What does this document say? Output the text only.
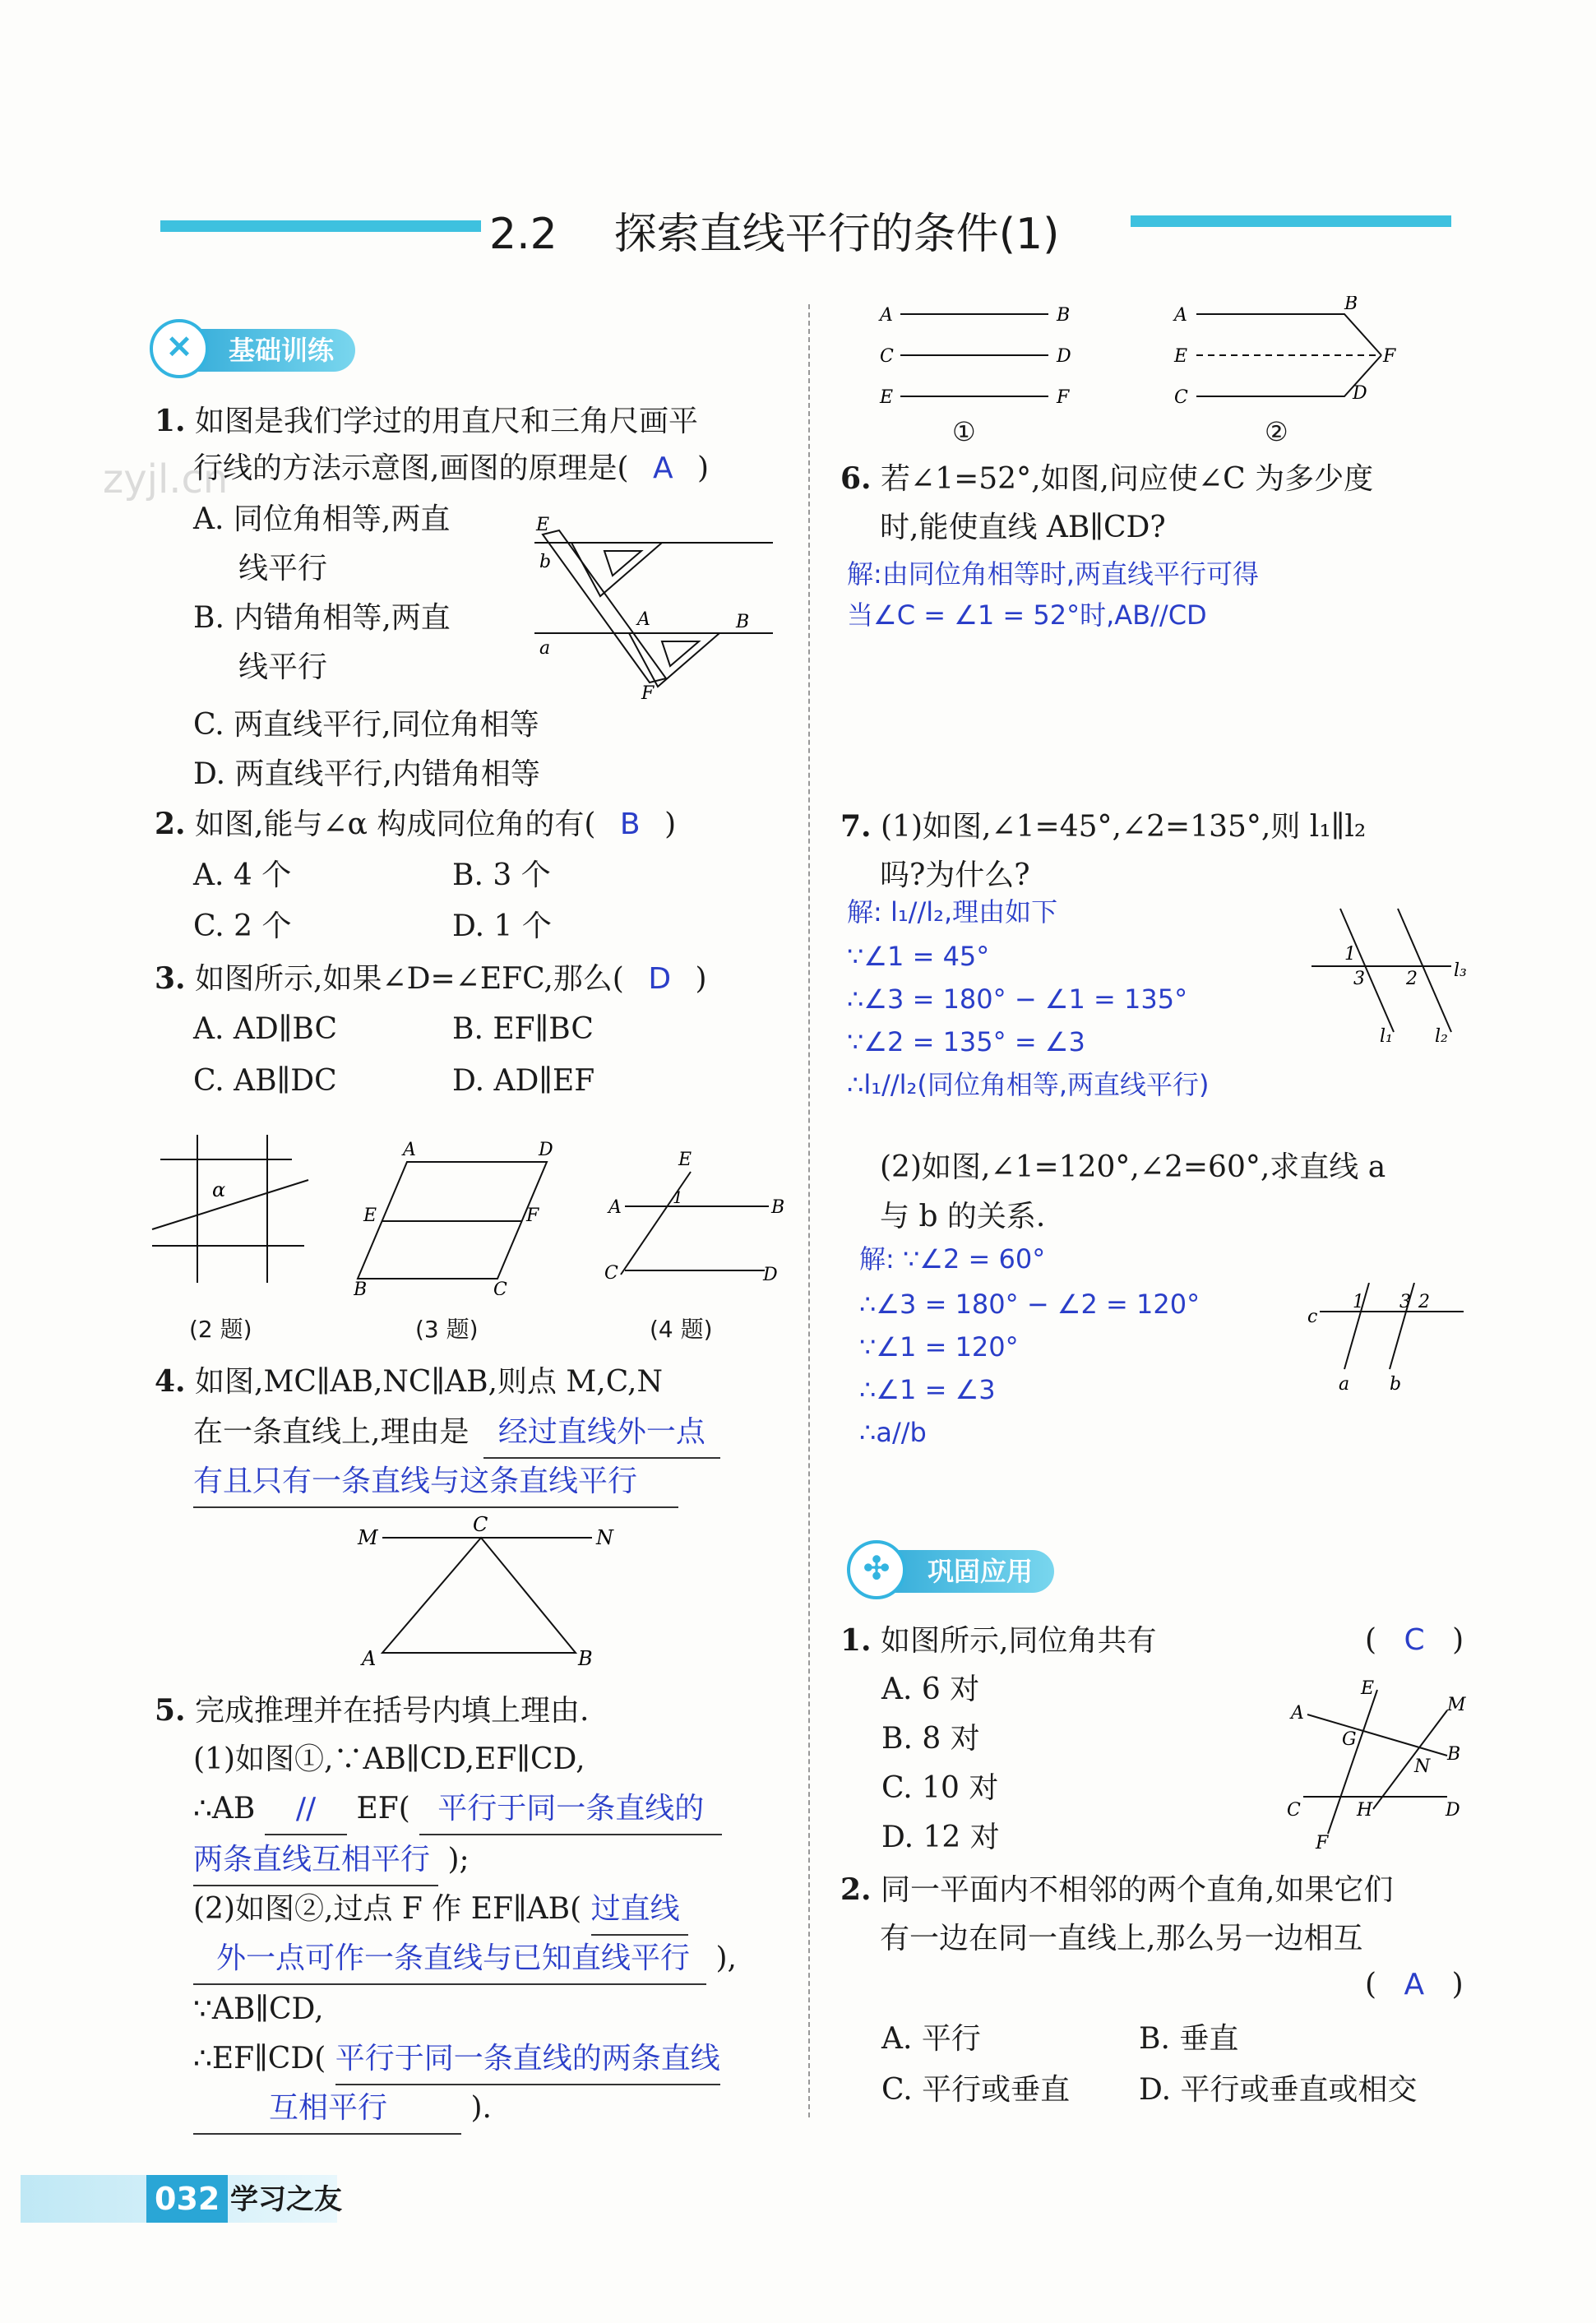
2.2 探索直线平行的条件(1)
zyjl.cn
基础训练
✕
1. 如图是我们学过的用直尺和三角尺画平
行线的方法示意图,画图的原理是( A )
A. 同位角相等,两直
线平行
B. 内错角相等,两直
线平行
C. 两直线平行,同位角相等
D. 两直线平行,内错角相等
E
b
a
A	B
F
2. 如图,能与∠α 构成同位角的有( B )
A. 4 个	B. 3 个
C. 2 个	D. 1 个
3. 如图所示,如果∠D=∠EFC,那么( D )
A. AD∥BC	B. EF∥BC
C. AB∥DC	D. AD∥EF
α
A	D
E	F
B	C
E
1
A	B
C	D
(2 题)	(3 题)	(4 题)
4. 如图,MC∥AB,NC∥AB,则点 M,C,N
在一条直线上,理由是 经过直线外一点
有且只有一条直线与这条直线平行
M
C
N
A	B
5. 完成推理并在括号内填上理由.
(1)如图①,∵AB∥CD,EF∥CD,
∴AB // EF( 平行于同一条直线的
两条直线互相平行 );
(2)如图②,过点 F 作 EF∥AB( 过直线
外一点可作一条直线与已知直线平行 ),
∵AB∥CD,
∴EF∥CD( 平行于同一条直线的两条直线
互相平行	).
A	B
C	D
E	F
①
A
B
E	F
C	D
②
6. 若∠1=52°,如图,问应使∠C 为多少度
时,能使直线 AB∥CD?
解:由同位角相等时,两直线平行可得
当∠C = ∠1 = 52°时,AB//CD
7. (1)如图,∠1=45°,∠2=135°,则 l₁∥l₂
吗?为什么?
解: l₁//l₂,理由如下
∵∠1 = 45°
∴∠3 = 180° − ∠1 = 135°
∵∠2 = 135° = ∠3
∴l₁//l₂(同位角相等,两直线平行)
1
3 2 l₃
l₁ l₂
(2)如图,∠1=120°,∠2=60°,求直线 a
与 b 的关系.
解: ∵∠2 = 60°
∴∠3 = 180° − ∠2 = 120°
∵∠1 = 120°
∴∠1 = ∠3
∴a//b
c
1 3 2
a b
巩固应用
✣
1. 如图所示,同位角共有	( C )
A. 6 对
B. 8 对
C. 10 对
D. 12 对
E
M
A
G
B
N
C	H	D
F
2. 同一平面内不相邻的两个直角,如果它们
有一边在同一直线上,那么另一边相互
( A )
A. 平行	B. 垂直
C. 平行或垂直 D. 平行或垂直或相交
032 学习之友
